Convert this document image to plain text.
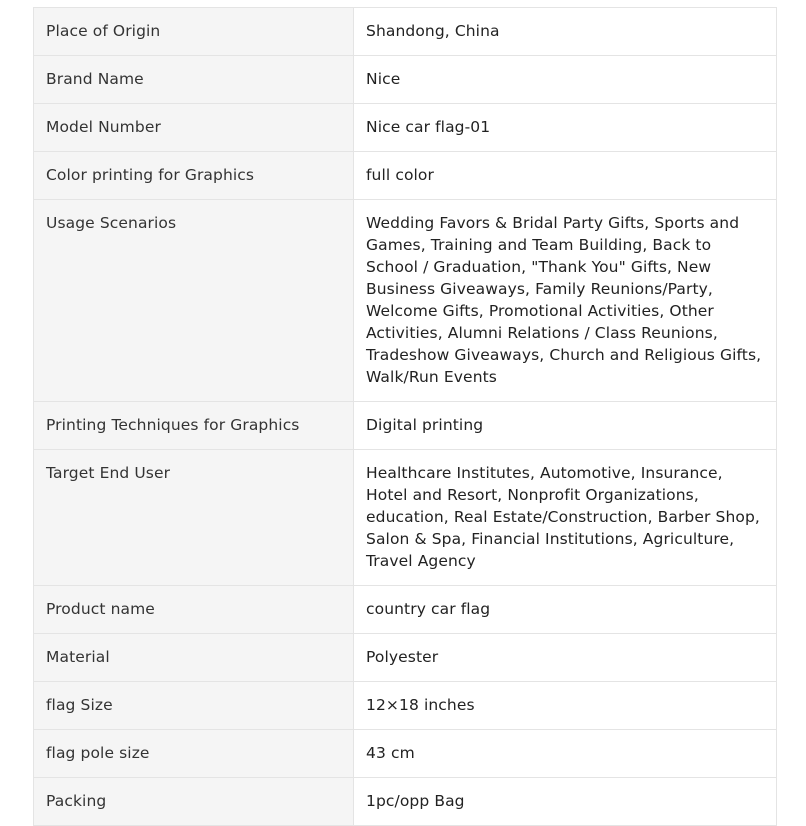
Place of Origin	Shandong, China
Brand Name	Nice
Model Number	Nice car flag-01
Color printing for Graphics	full color
Usage Scenarios	Wedding Favors & Bridal Party Gifts, Sports and Games, Training and Team Building, Back to School / Graduation, "Thank You" Gifts, New Business Giveaways, Family Reunions/Party, Welcome Gifts, Promotional Activities, Other Activities, Alumni Relations / Class Reunions, Tradeshow Giveaways, Church and Religious Gifts, Walk/Run Events
Printing Techniques for Graphics	Digital printing
Target End User	Healthcare Institutes, Automotive, Insurance, Hotel and Resort, Nonprofit Organizations, education, Real Estate/Construction, Barber Shop, Salon & Spa, Financial Institutions, Agriculture, Travel Agency
Product name	country car flag
Material	Polyester
flag Size	12×18 inches
flag pole size	43 cm
Packing	1pc/opp Bag
